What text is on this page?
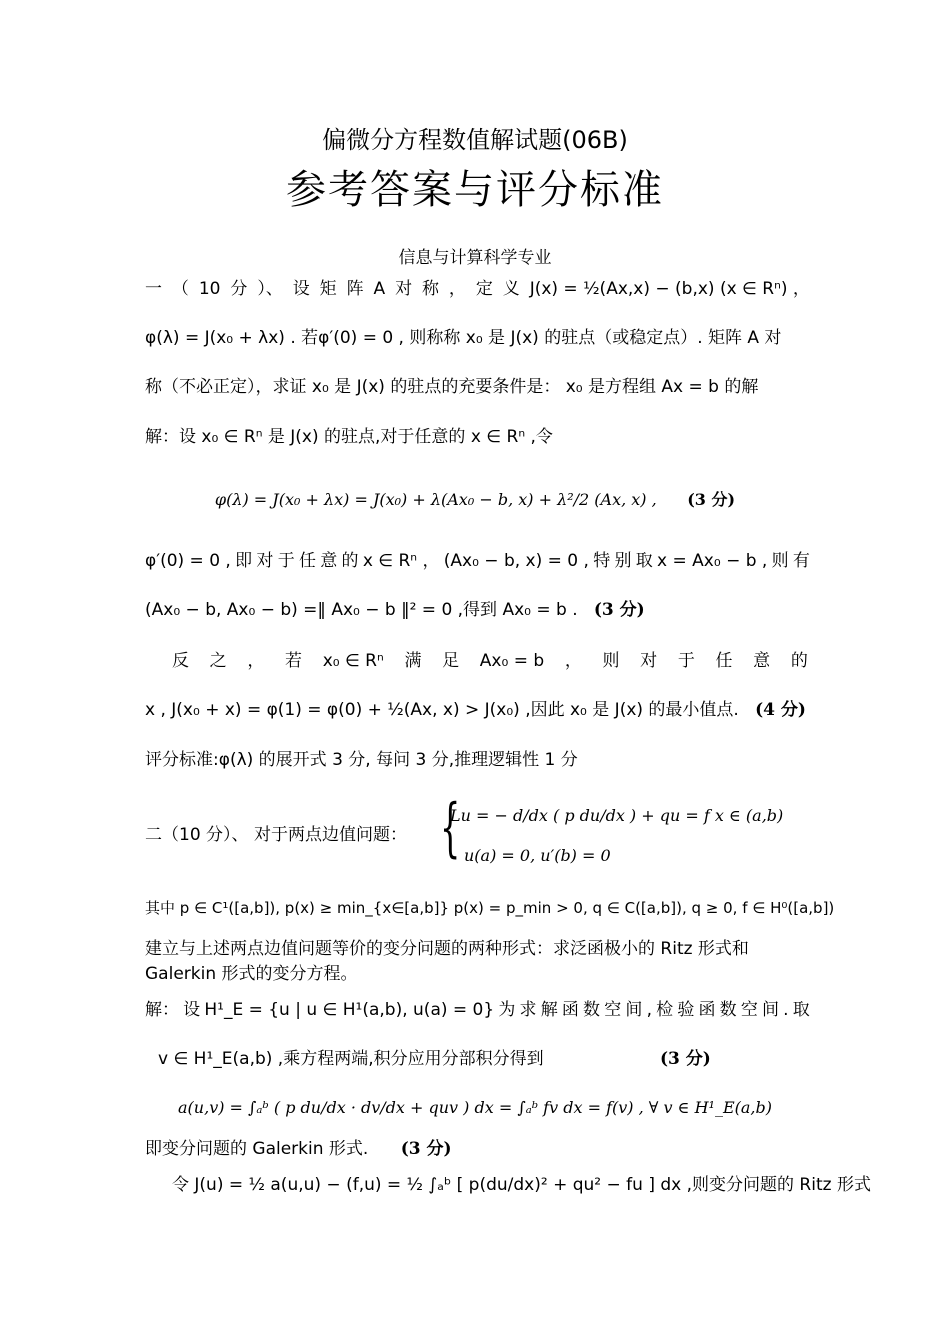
偏微分方程数值解试题(06B)
参考答案与评分标准
信息与计算科学专业
一 （ 10 分 ）、 设 矩 阵 A 对 称 ， 定 义 J(x) = ½(Ax,x) − (b,x) (x ∈ Rⁿ) ，
φ(λ) = J(x₀ + λx) . 若φ′(0) = 0 , 则称称 x₀ 是 J(x) 的驻点（或稳定点）. 矩阵 A 对
称（不必正定），求证 x₀ 是 J(x) 的驻点的充要条件是： x₀ 是方程组 Ax = b 的解
解：设 x₀ ∈ Rⁿ 是 J(x) 的驻点,对于任意的 x ∈ Rⁿ ,令
φ(λ) = J(x₀ + λx) = J(x₀) + λ(Ax₀ − b, x) + λ²/2 (Ax, x) , (3 分)
φ′(0) = 0 , 即 对 于 任 意 的 x ∈ Rⁿ ， (Ax₀ − b, x) = 0 , 特 别 取 x = Ax₀ − b , 则 有
(Ax₀ − b, Ax₀ − b) =‖ Ax₀ − b ‖² = 0 ,得到 Ax₀ = b . (3 分)
反 之 ， 若 x₀ ∈ Rⁿ 满 足 Ax₀ = b ， 则 对 于 任 意 的
x , J(x₀ + x) = φ(1) = φ(0) + ½(Ax, x) > J(x₀) ,因此 x₀ 是 J(x) 的最小值点. (4 分)
评分标准:φ(λ) 的展开式 3 分, 每问 3 分,推理逻辑性 1 分
二（10 分）、 对于两点边值问题： {
Lu = − d/dx ( p du/dx ) + qu = f x ∈ (a,b)
u(a) = 0, u′(b) = 0
其中 p ∈ C¹([a,b]), p(x) ≥ min_{x∈[a,b]} p(x) = p_min > 0, q ∈ C([a,b]), q ≥ 0, f ∈ H⁰([a,b])
建立与上述两点边值问题等价的变分问题的两种形式：求泛函极小的 Ritz 形式和
Galerkin 形式的变分方程。
解： 设 H¹_E = {u | u ∈ H¹(a,b), u(a) = 0} 为 求 解 函 数 空 间 , 检 验 函 数 空 间 . 取
v ∈ H¹_E(a,b) ,乘方程两端,积分应用分部积分得到	(3 分)
a(u,v) = ∫ₐᵇ ( p du/dx · dv/dx + quv ) dx = ∫ₐᵇ fv dx = f(v) , ∀ v ∈ H¹_E(a,b)
即变分问题的 Galerkin 形式. (3 分)
令 J(u) = ½ a(u,u) − (f,u) = ½ ∫ₐᵇ [ p(du/dx)² + qu² − fu ] dx ,则变分问题的 Ritz 形式
